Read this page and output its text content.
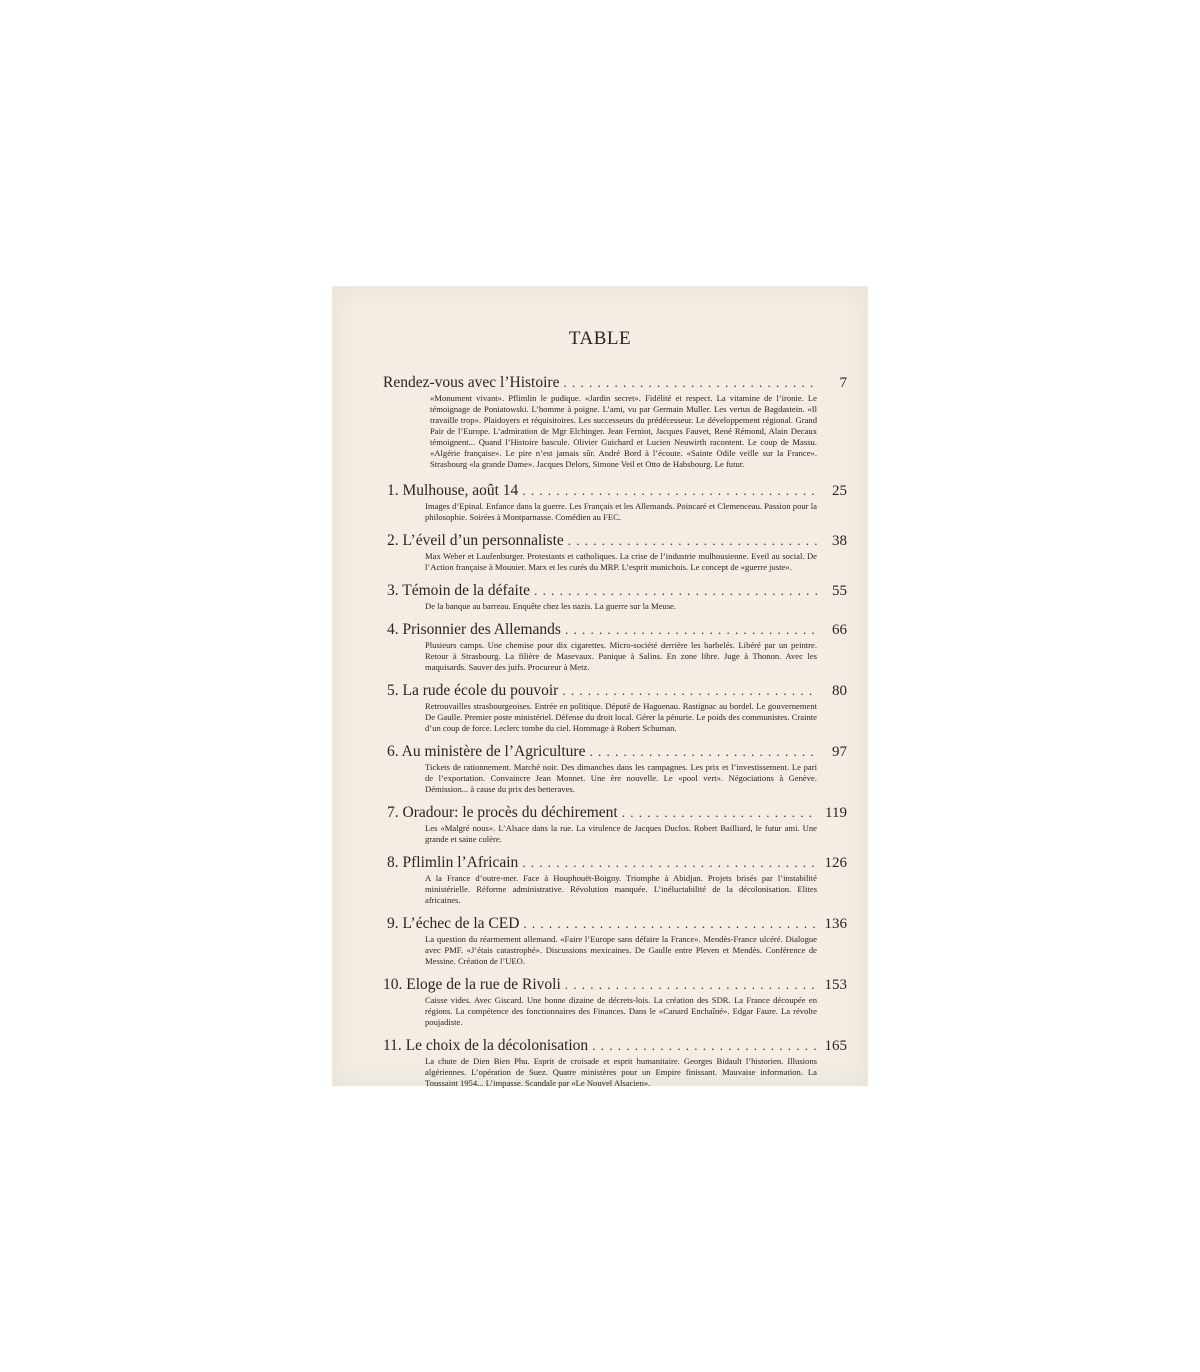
TABLE
Rendez-vous avec l’Histoire . . .	7
«Monument vivant». Pflimlin le pudique. «Jardin secret». Fidélité et respect. La vitamine de l’ironie. Le témoignage de Poniatowski. L’homme à poigne. L’ami, vu par Germain Muller. Les vertus de Bagdastein. «Il travaille trop». Plaidoyers et réquisitoires. Les successeurs du prédécesseur. Le développement régional. Grand Pair de l’Europe. L’admiration de Mgr Elchinger. Jean Ferniot, Jacques Fauvet, René Rémond, Alain Decaux témoignent... Quand l’Histoire bascule. Olivier Guichard et Lucien Neuwirth racontent. Le coup de Massu. «Algérie française». Le pire n’est jamais sûr. André Bord à l’écoute. «Sainte Odile veille sur la France». Strasbourg «la grande Dame». Jacques Delors, Simone Veil et Otto de Habsbourg. Le futur.
1. Mulhouse, août 14 . . .	25
Images d’Epinal. Enfance dans la guerre. Les Français et les Allemands. Poincaré et Clemenceau. Passion pour la philosophie. Soirées à Montparnasse. Comédien au FEC.
2. L’éveil d’un personnaliste . . .	38
Max Weber et Laufenburger. Protestants et catholiques. La crise de l’industrie mulhousienne. Eveil au social. De l’Action française à Mounier. Marx et les curés du MRP. L’esprit munichois. Le concept de «guerre juste».
3. Témoin de la défaite . . .	55
De la banque au barreau. Enquête chez les nazis. La guerre sur la Meuse.
4. Prisonnier des Allemands . . .	66
Plusieurs camps. Une chemise pour dix cigarettes. Micro-société derrière les barbelés. Libéré par un peintre. Retour à Strasbourg. La filière de Masevaux. Panique à Salins. En zone libre. Juge à Thonon. Avec les maquisards. Sauver des juifs. Procureur à Metz.
5. La rude école du pouvoir . . .	80
Retrouvailles strasbourgeoises. Entrée en politique. Député de Haguenau. Rastignac au bordel. Le gouvernement De Gaulle. Premier poste ministériel. Défense du droit local. Gérer la pénurie. Le poids des communistes. Crainte d’un coup de force. Leclerc tombe du ciel. Hommage à Robert Schuman.
6. Au ministère de l’Agriculture . . .	97
Tickets de rationnement. Marché noir. Des dimanches dans les campagnes. Les prix et l’investissement. Le pari de l’exportation. Convaincre Jean Monnet. Une ère nouvelle. Le «pool vert». Négociations à Genève. Démission... à cause du prix des betteraves.
7. Oradour: le procès du déchirement . . .	119
Les «Malgré nous». L’Alsace dans la rue. La virulence de Jacques Duclos. Robert Bailliard, le futur ami. Une grande et saine colère.
8. Pflimlin l’Africain . . .	126
A la France d’outre-mer. Face à Houphouët-Boigny. Triomphe à Abidjan. Projets brisés par l’instabilité ministérielle. Réforme administrative. Révolution manquée. L’inéluctabilité de la décolonisation. Elites africaines.
9. L’échec de la CED . . .	136
La question du réarmement allemand. «Faire l’Europe sans défaire la France». Mendès-France ulcéré. Dialogue avec PMF. «J’étais catastrophé». Discussions mexicaines. De Gaulle entre Pleven et Mendès. Conférence de Messine. Création de l’UEO.
10. Eloge de la rue de Rivoli . . .	153
Caisse vides. Avec Giscard. Une bonne dizaine de décrets-lois. La création des SDR. La France découpée en régions. La compétence des fonctionnaires des Finances. Dans le «Canard Enchaîné». Edgar Faure. La révolte poujadiste.
11. Le choix de la décolonisation . . .	165
La chute de Dien Bien Phu. Esprit de croisade et esprit humanitaire. Georges Bidault l’historien. Illusions algériennes. L’opération de Suez. Quatre ministères pour un Empire finissant. Mauvaise information. La Toussaint 1954... L’impasse. Scandale par «Le Nouvel Alsacien».
